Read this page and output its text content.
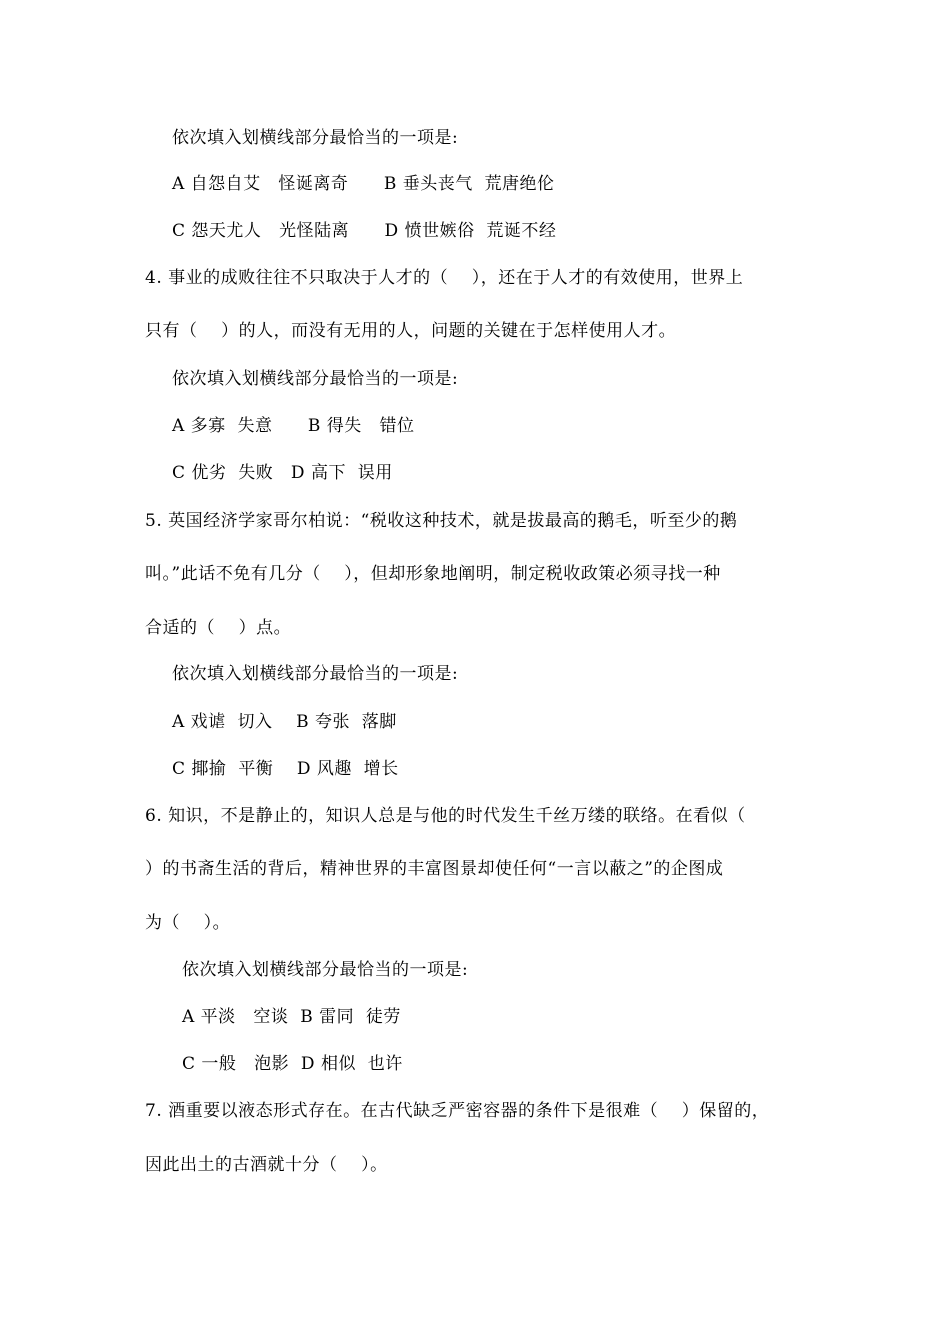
依次填入划横线部分最恰当的一项是:
A 自怨自艾   怪诞离奇      B 垂头丧气  荒唐绝伦
C 怨天尤人   光怪陆离      D 愤世嫉俗  荒诞不经
4. 事业的成败往往不只取决于人才的（    ），还在于人才的有效使用，世界上
只有（    ）的人，而没有无用的人，问题的关键在于怎样使用人才。
依次填入划横线部分最恰当的一项是:
A 多寡  失意      B 得失   错位
C 优劣  失败   D 高下  误用
5. 英国经济学家哥尔柏说：“税收这种技术，就是拔最高的鹅毛，听至少的鹅
叫。”此话不免有几分（    ），但却形象地阐明，制定税收政策必须寻找一种
合适的（    ）点。
依次填入划横线部分最恰当的一项是:
A 戏谑  切入    B 夸张  落脚
C 揶揄  平衡    D 风趣  增长
6. 知识，不是静止的，知识人总是与他的时代发生千丝万缕的联络。在看似（
）的书斋生活的背后，精神世界的丰富图景却使任何“一言以蔽之”的企图成
为（    ）。
依次填入划横线部分最恰当的一项是:
A 平淡   空谈  B 雷同  徒劳
C 一般   泡影  D 相似  也许
7. 酒重要以液态形式存在。在古代缺乏严密容器的条件下是很难（    ）保留的，
因此出土的古酒就十分（    ）。
